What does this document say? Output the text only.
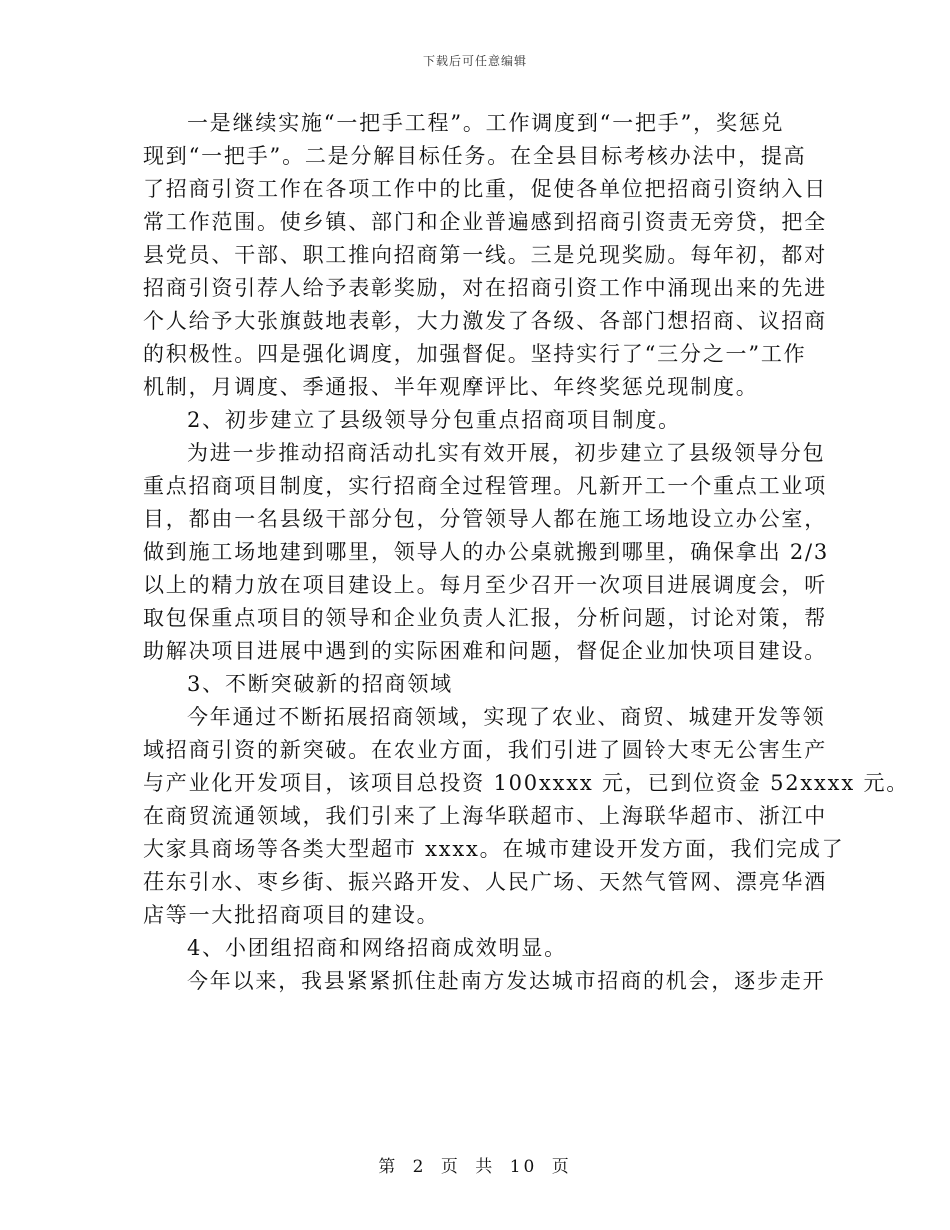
下载后可任意编辑
一是继续实施“一把手工程”。工作调度到“一把手”，奖惩兑
现到“一把手”。二是分解目标任务。在全县目标考核办法中，提高
了招商引资工作在各项工作中的比重，促使各单位把招商引资纳入日
常工作范围。使乡镇、部门和企业普遍感到招商引资责无旁贷，把全
县党员、干部、职工推向招商第一线。三是兑现奖励。每年初，都对
招商引资引荐人给予表彰奖励，对在招商引资工作中涌现出来的先进
个人给予大张旗鼓地表彰，大力激发了各级、各部门想招商、议招商
的积极性。四是强化调度，加强督促。坚持实行了“三分之一”工作
机制，月调度、季通报、半年观摩评比、年终奖惩兑现制度。
2、初步建立了县级领导分包重点招商项目制度。
为进一步推动招商活动扎实有效开展，初步建立了县级领导分包
重点招商项目制度，实行招商全过程管理。凡新开工一个重点工业项
目，都由一名县级干部分包，分管领导人都在施工场地设立办公室，
做到施工场地建到哪里，领导人的办公桌就搬到哪里，确保拿出 2/3
以上的精力放在项目建设上。每月至少召开一次项目进展调度会，听
取包保重点项目的领导和企业负责人汇报，分析问题，讨论对策，帮
助解决项目进展中遇到的实际困难和问题，督促企业加快项目建设。
3、不断突破新的招商领域
今年通过不断拓展招商领域，实现了农业、商贸、城建开发等领
域招商引资的新突破。在农业方面，我们引进了圆铃大枣无公害生产
与产业化开发项目，该项目总投资 100xxxx 元，已到位资金 52xxxx 元。
在商贸流通领域，我们引来了上海华联超市、上海联华超市、浙江中
大家具商场等各类大型超市 xxxx。在城市建设开发方面，我们完成了
茌东引水、枣乡街、振兴路开发、人民广场、天然气管网、漂亮华酒
店等一大批招商项目的建设。
4、小团组招商和网络招商成效明显。
今年以来，我县紧紧抓住赴南方发达城市招商的机会，逐步走开
第 2 页 共 10 页
